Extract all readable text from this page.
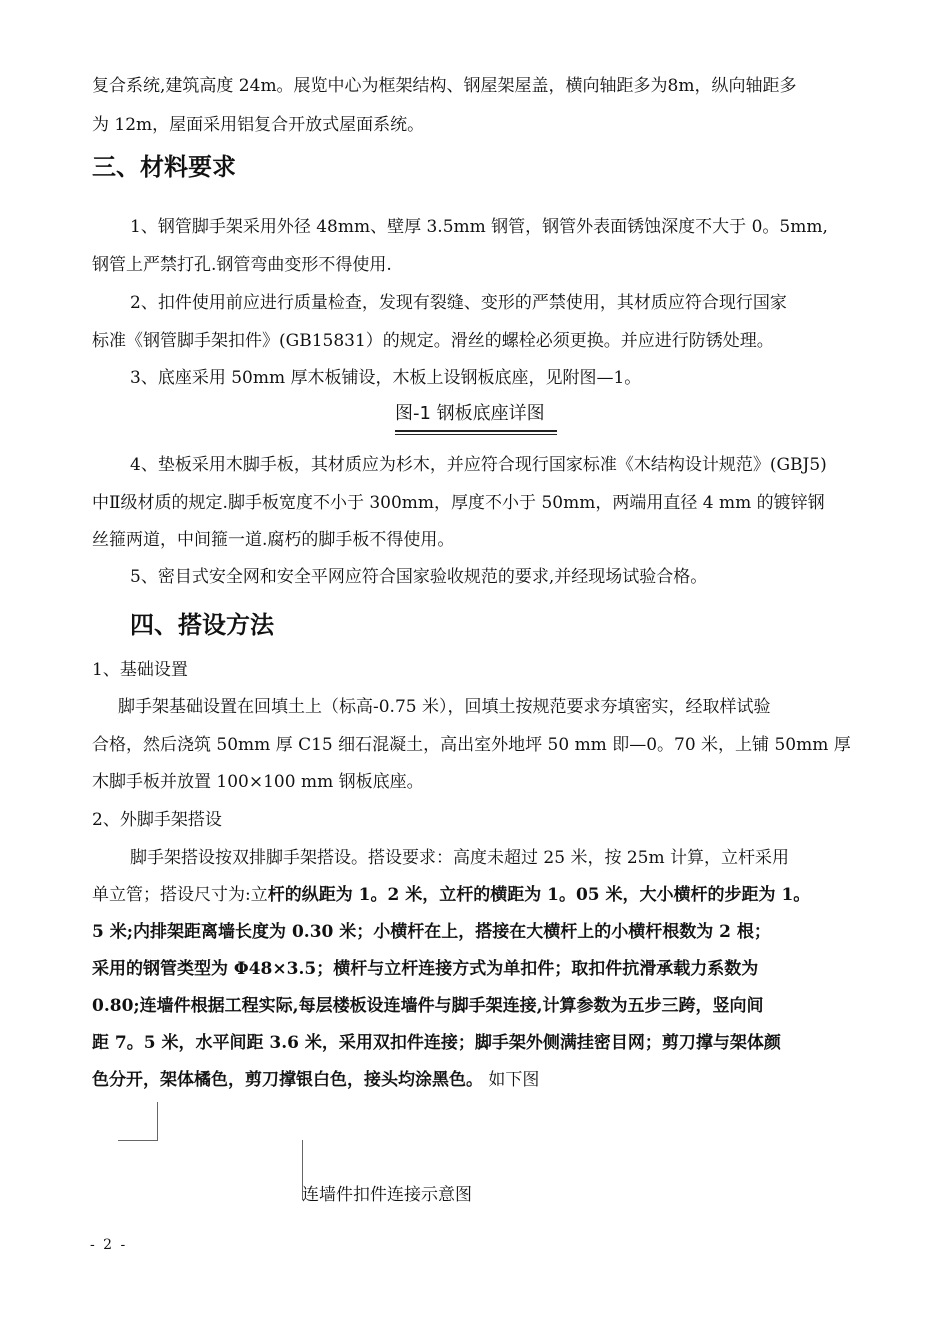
复合系统,建筑高度 24m。展览中心为框架结构、钢屋架屋盖，横向轴距多为8m，纵向轴距多
为 12m，屋面采用铝复合开放式屋面系统。
三、材料要求
1、钢管脚手架采用外径 48mm、壁厚 3.5mm 钢管，钢管外表面锈蚀深度不大于 0。5mm,
钢管上严禁打孔.钢管弯曲变形不得使用.
2、扣件使用前应进行质量检查，发现有裂缝、变形的严禁使用，其材质应符合现行国家
标准《钢管脚手架扣件》(GB15831）的规定。滑丝的螺栓必须更换。并应进行防锈处理。
3、底座采用 50mm 厚木板铺设，木板上设钢板底座，见附图—1。
图-1 钢板底座详图
4、垫板采用木脚手板，其材质应为杉木，并应符合现行国家标准《木结构设计规范》(GBJ5)
中Ⅱ级材质的规定.脚手板宽度不小于 300mm，厚度不小于 50mm，两端用直径 4 mm 的镀锌钢
丝箍两道，中间箍一道.腐朽的脚手板不得使用。
5、密目式安全网和安全平网应符合国家验收规范的要求,并经现场试验合格。
四、搭设方法
1、基础设置
脚手架基础设置在回填土上（标高-0.75 米），回填土按规范要求夯填密实，经取样试验
合格，然后浇筑 50mm 厚 C15 细石混凝土，高出室外地坪 50 mm 即—0。70 米，上铺 50mm 厚
木脚手板并放置 100×100 mm 钢板底座。
2、外脚手架搭设
脚手架搭设按双排脚手架搭设。搭设要求：高度未超过 25 米，按 25m 计算，立杆采用
单立管；搭设尺寸为:立杆的纵距为 1。2 米，立杆的横距为 1。05 米，大小横杆的步距为 1。
5 米;内排架距离墙长度为 0.30 米；小横杆在上，搭接在大横杆上的小横杆根数为 2 根；
采用的钢管类型为 Φ48×3.5；横杆与立杆连接方式为单扣件；取扣件抗滑承载力系数为
0.80;连墙件根据工程实际,每层楼板设连墙件与脚手架连接,计算参数为五步三跨，竖向间
距 7。5 米，水平间距 3.6 米，采用双扣件连接；脚手架外侧满挂密目网；剪刀撑与架体颜
色分开，架体橘色，剪刀撑银白色，接头均涂黑色。 如下图
连墙件扣件连接示意图
- 2 -
